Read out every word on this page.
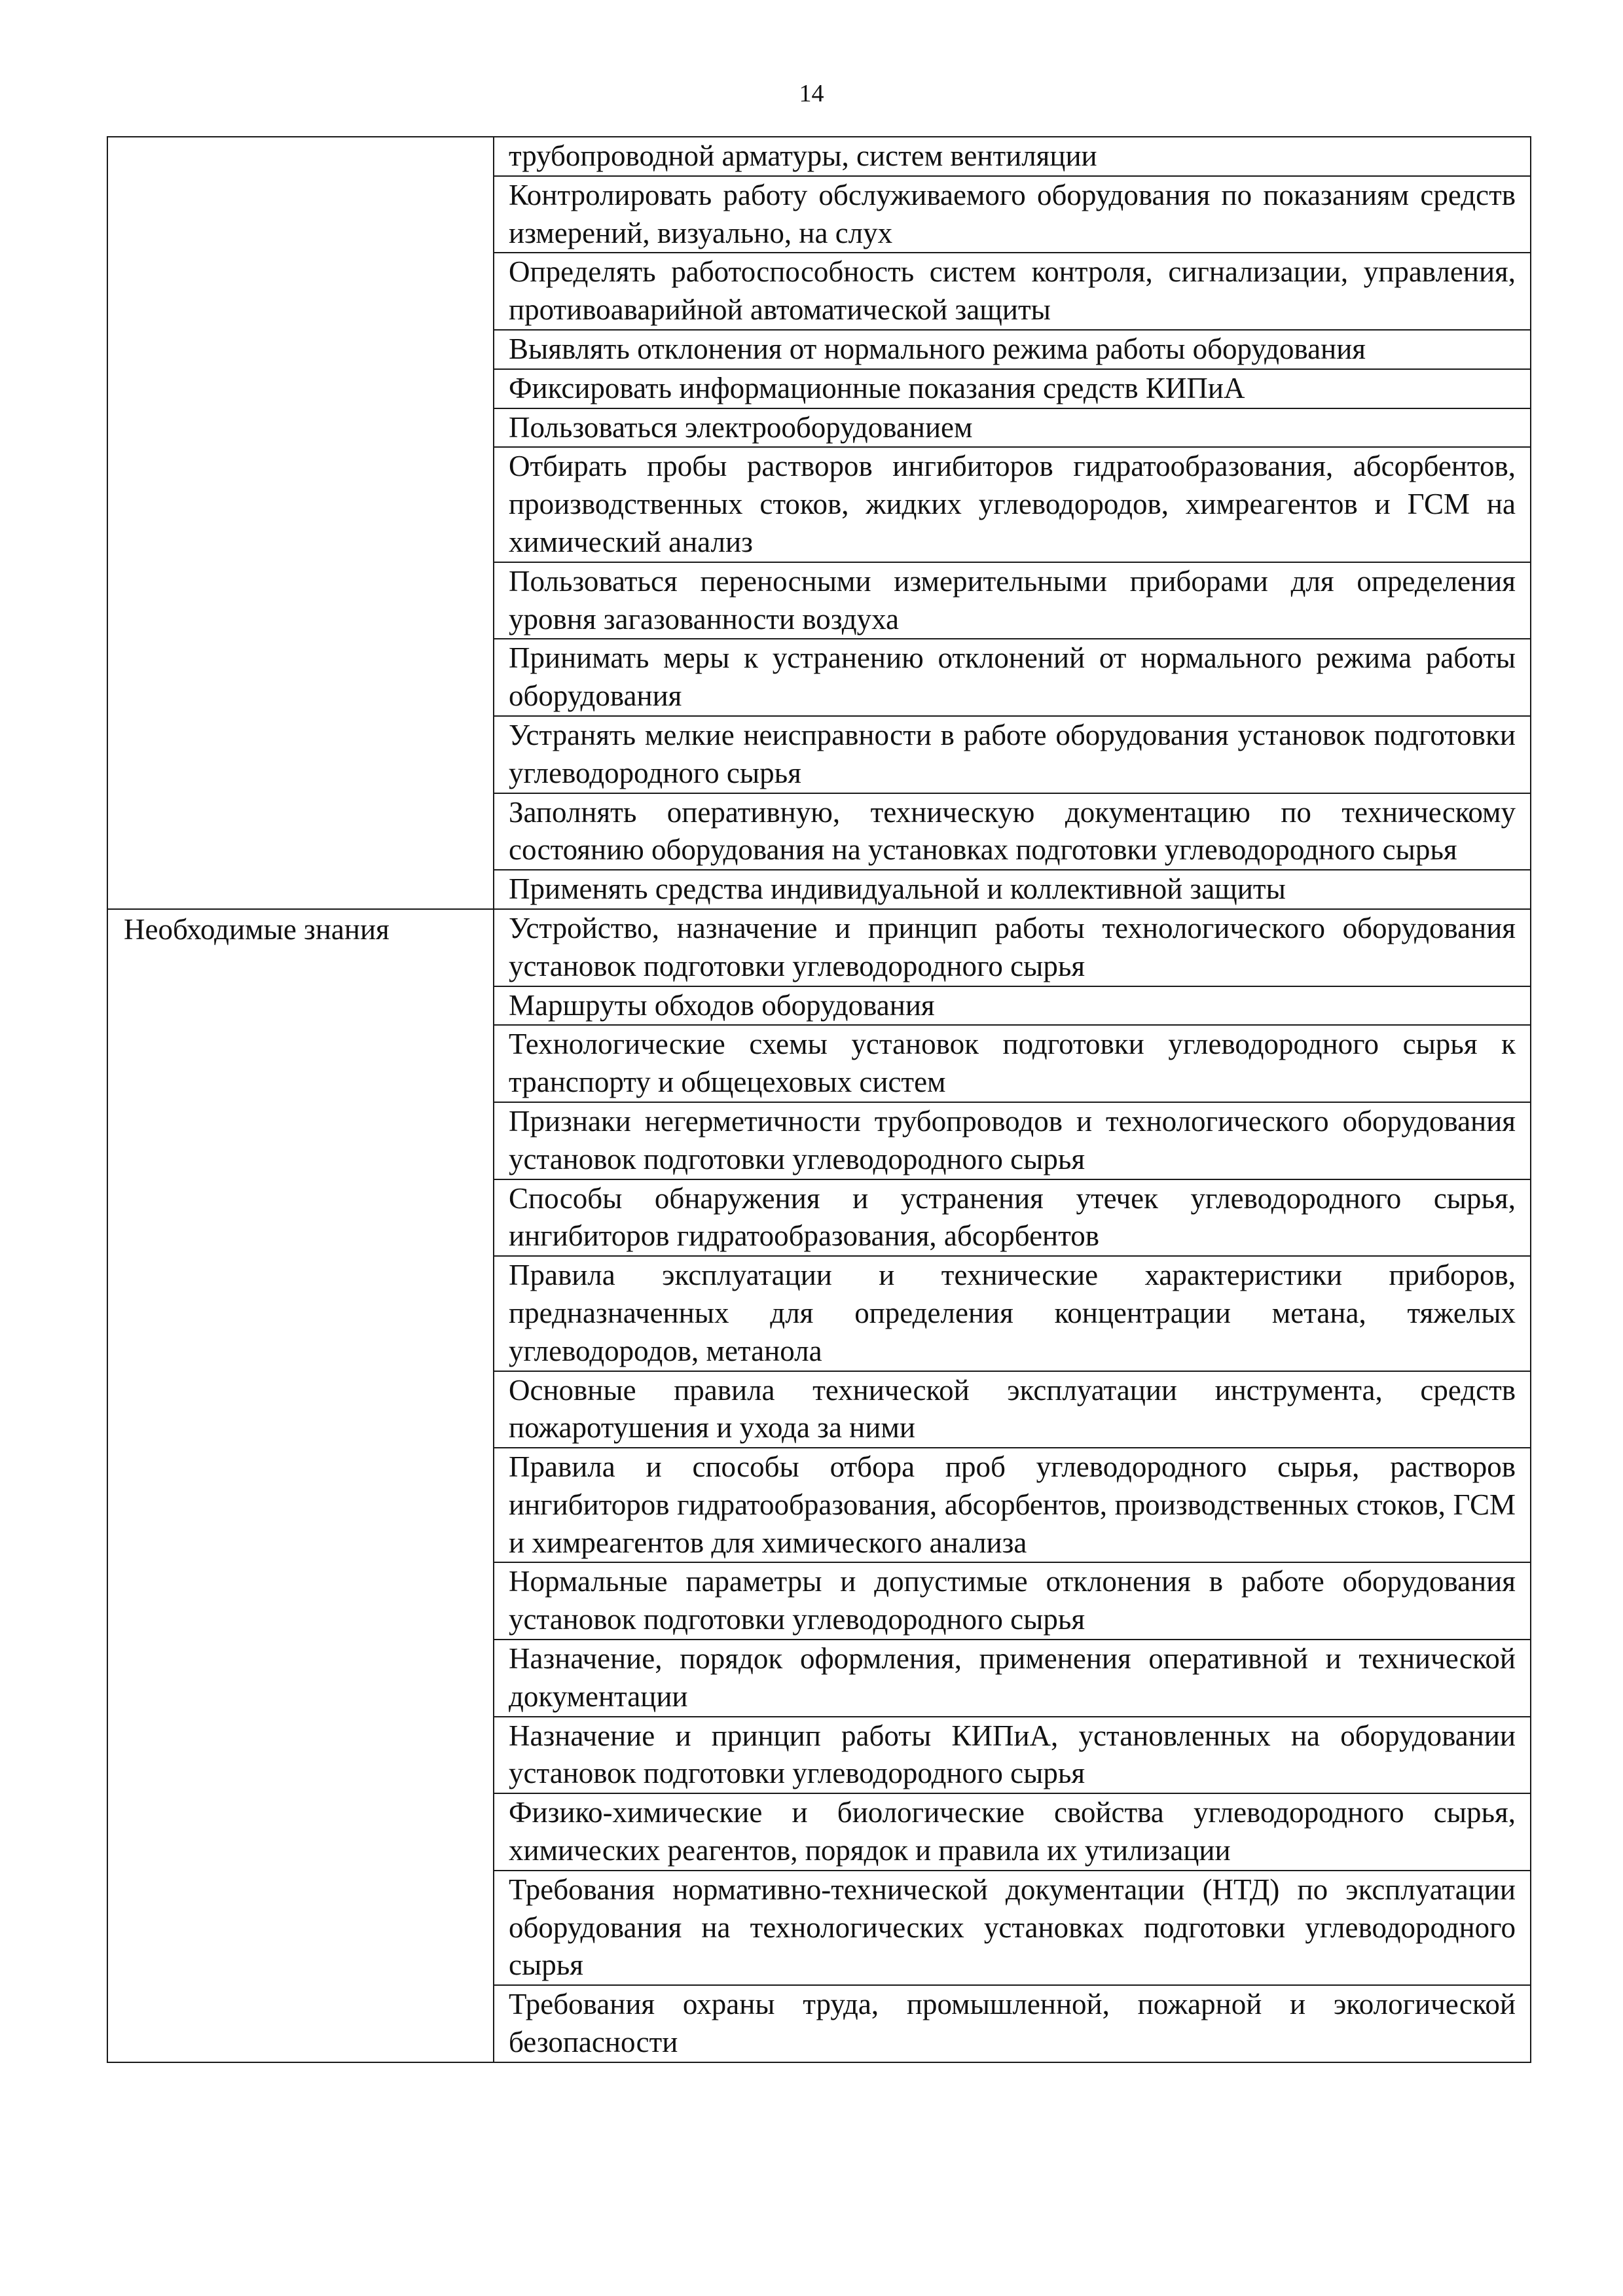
14

	трубопроводной арматуры, систем вентиляции

	Контролировать работу обслуживаемого оборудования по показаниям средств измерений, визуально, на слух

	Определять работоспособность систем контроля, сигнализации, управления, противоаварийной автоматической защиты

	Выявлять отклонения от нормального режима работы оборудования

	Фиксировать информационные показания средств КИПиА

	Пользоваться электрооборудованием

	Отбирать пробы растворов ингибиторов гидратообразования, абсорбентов, производственных стоков, жидких углеводородов, химреагентов и ГСМ на химический анализ

	Пользоваться переносными измерительными приборами для определения уровня загазованности воздуха

	Принимать меры к устранению отклонений от нормального режима работы оборудования

	Устранять мелкие неисправности в работе оборудования установок подготовки углеводородного сырья

	Заполнять оперативную, техническую документацию по техническому состоянию оборудования на установках подготовки углеводородного сырья

	Применять средства индивидуальной и коллективной защиты

Необходимые знания	Устройство, назначение и принцип работы технологического оборудования установок подготовки углеводородного сырья

	Маршруты обходов оборудования

	Технологические схемы установок подготовки углеводородного сырья к транспорту и общецеховых систем

	Признаки негерметичности трубопроводов и технологического оборудования установок подготовки углеводородного сырья

	Способы обнаружения и устранения утечек углеводородного сырья, ингибиторов гидратообразования, абсорбентов

	Правила эксплуатации и технические характеристики приборов, предназначенных для определения концентрации метана, тяжелых углеводородов, метанола

	Основные правила технической эксплуатации инструмента, средств пожаротушения и ухода за ними

	Правила и способы отбора проб углеводородного сырья, растворов ингибиторов гидратообразования, абсорбентов, производственных стоков, ГСМ и химреагентов для химического анализа

	Нормальные параметры и допустимые отклонения в работе оборудования установок подготовки углеводородного сырья

	Назначение, порядок оформления, применения оперативной и технической документации

	Назначение и принцип работы КИПиА, установленных на оборудовании установок подготовки углеводородного сырья

	Физико-химические и биологические свойства углеводородного сырья, химических реагентов, порядок и правила их утилизации

	Требования нормативно-технической документации (НТД) по эксплуатации оборудования на технологических установках подготовки углеводородного сырья

	Требования охраны труда, промышленной, пожарной и экологической безопасности
